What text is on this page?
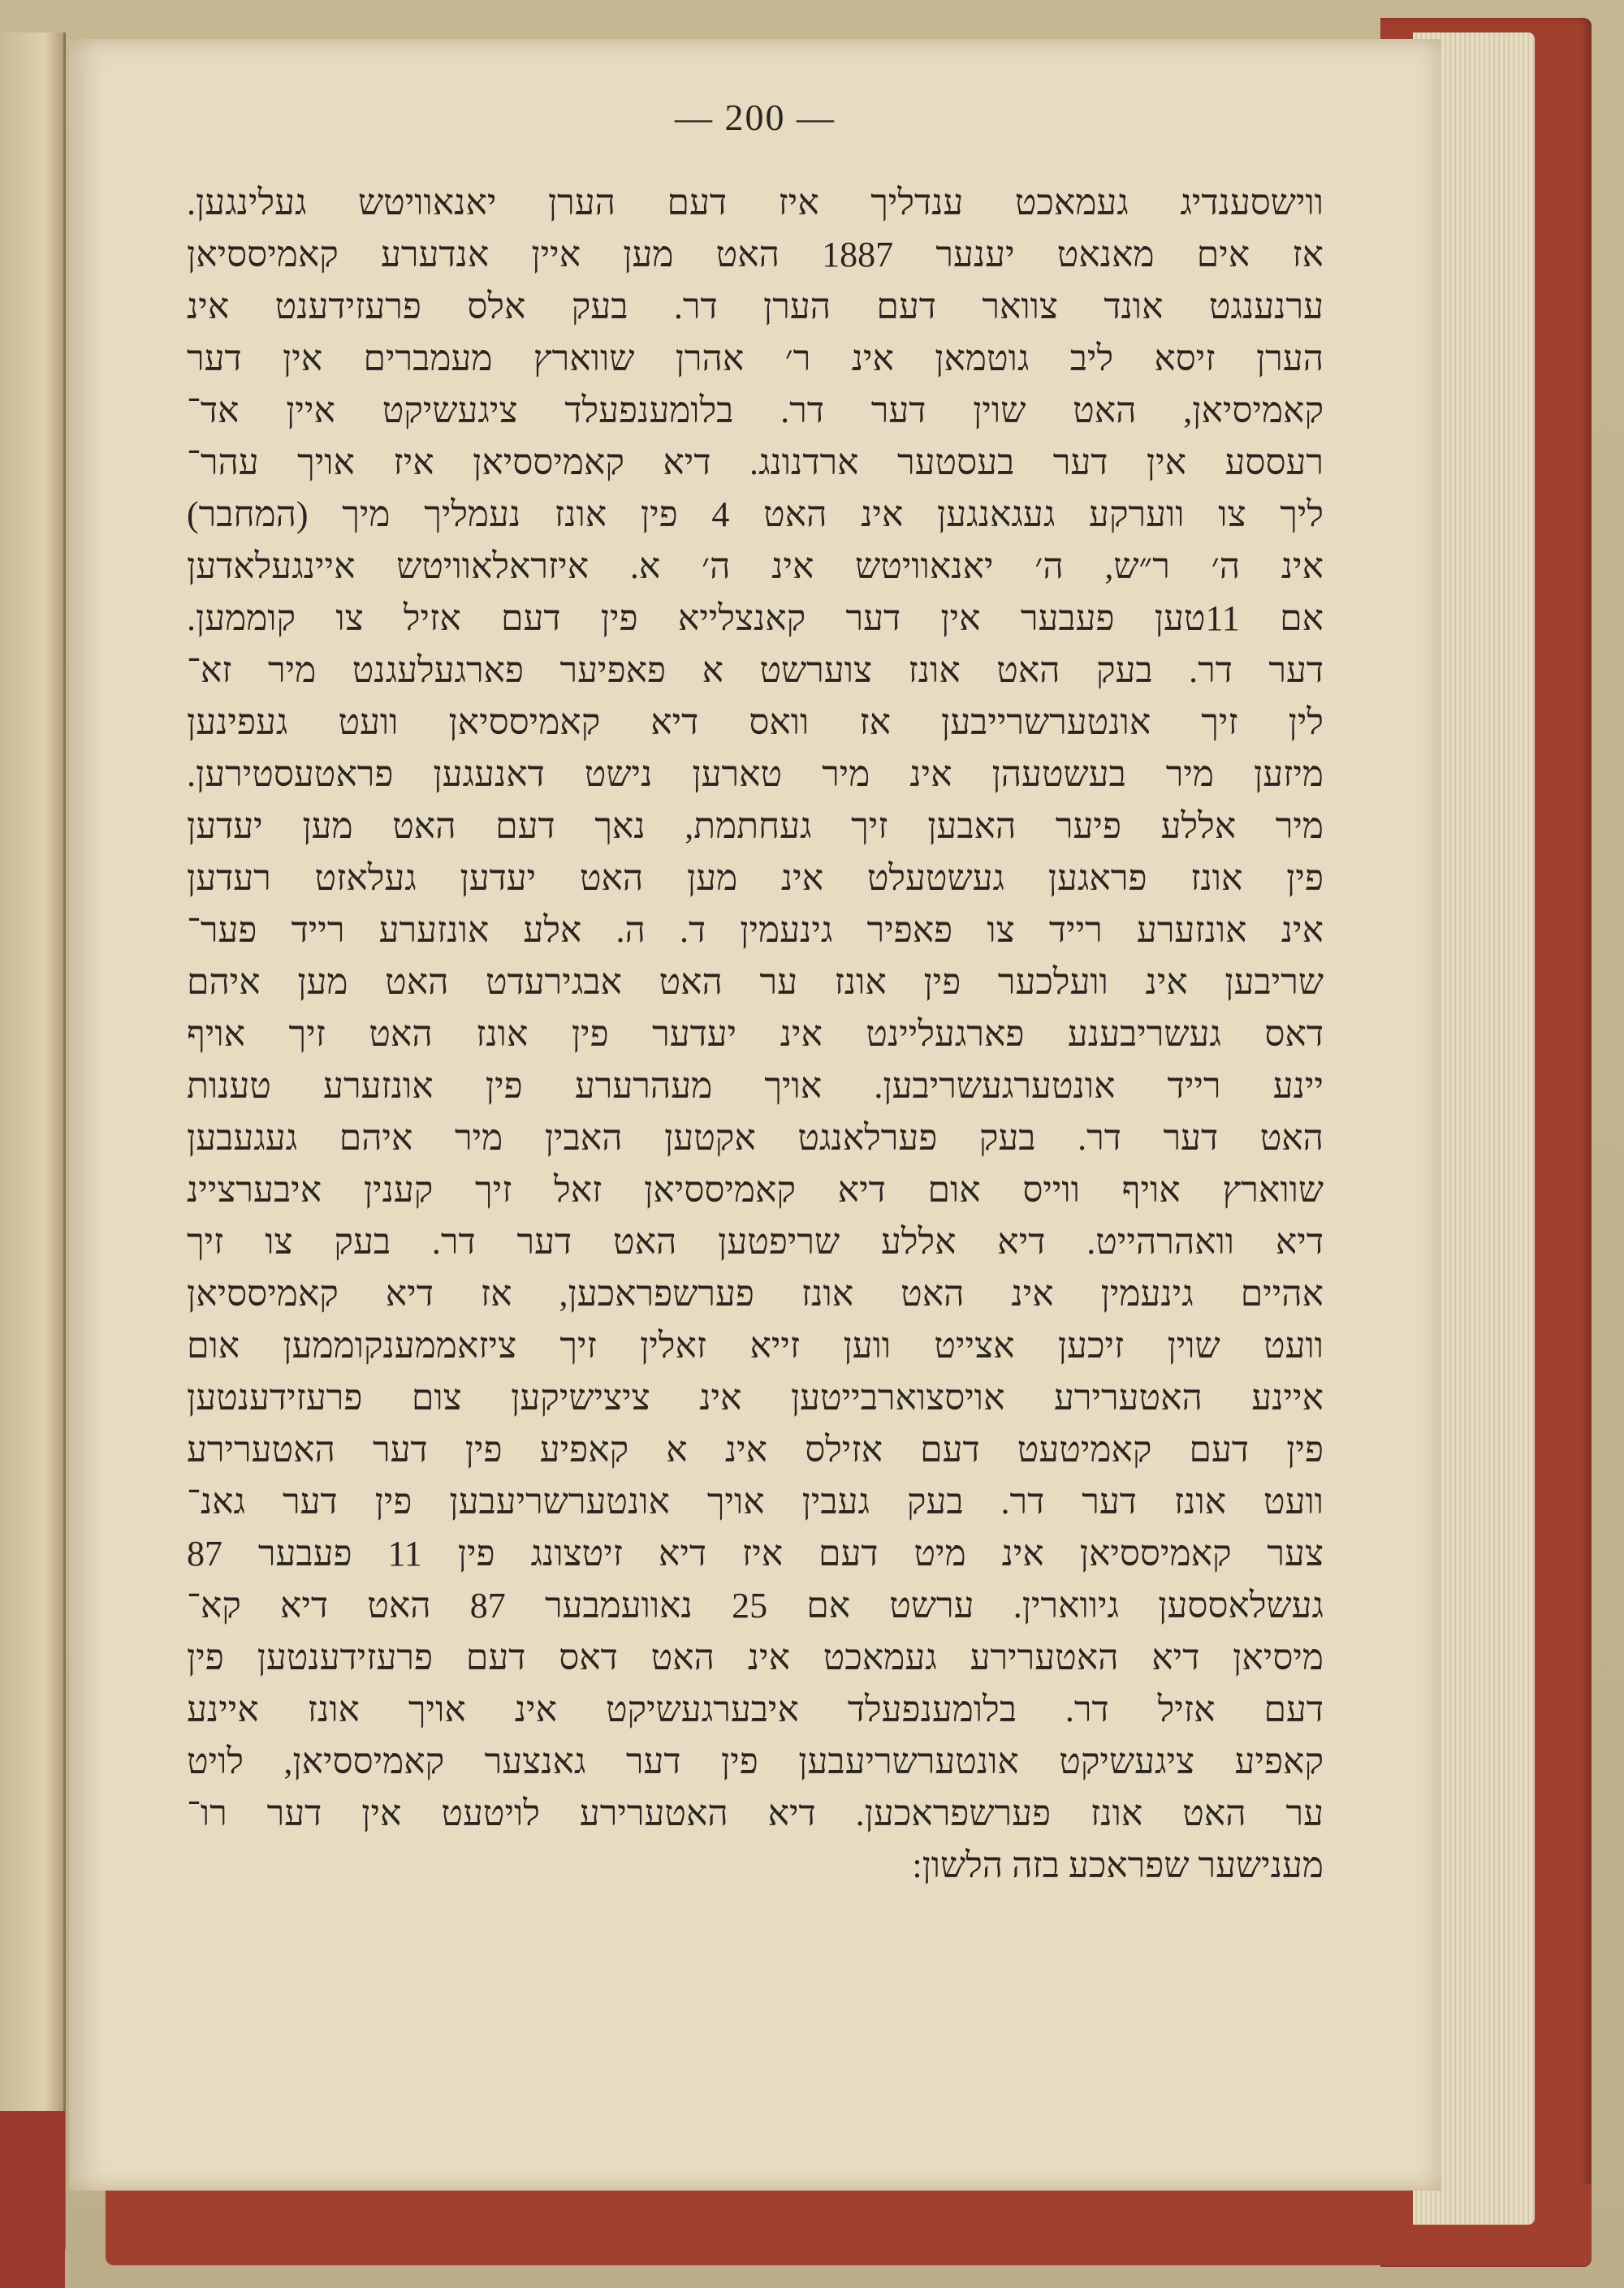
— 200 —
ווישסענדיג געמאכט ענדליך איז דעם הערן יאנאוויטש געלינגען.
אז אים מאנאט יענער 1887 האט מען איין אנדערע קאמיססיאן
ערנענגט אונד צוואר דעם הערן דר. בעק אלס פרעזידענט אינ
הערן זיסא ליב גוטמאן אינ ר׳ אהרן שווארץ מעמברים אין דער
קאמיסיאן, האט שוין דער דר. בלומענפעלד ציגעשיקט איין אד־
רעססע אין דער בעסטער ארדנונג. דיא קאמיססיאן איז אויך עהר־
ליך צו ווערקע געגאנגען אינ האט 4 פין אונז נעמליך מיך (המחבר)
אינ ה׳ ר״ש, ה׳ יאנאוויטש אינ ה׳ א. איזראלאוויטש איינגעלאדען
אם 11טען פעבער אין דער קאנצלייא פין דעם אזיל צו קוממען.
דער דר. בעק האט אונז צוערשט א פאפיער פארגעלעגנט מיר זא־
לין זיך אונטערשרייבען אז וואס דיא קאמיססיאן וועט געפינען
מיזען מיר בעשטעהן אינ מיר טארען נישט דאנעגען פראטעסטירען.
מיר אללע פיער האבען זיך געחתמת, נאך דעם האט מען יעדען
פין אונז פראגען געשטעלט אינ מען האט יעדען געלאזט רעדען
אינ אונזערע רייד צו פאפיר גינעמין ד. ה. אלע אונזערע רייד פער־
שריבען אינ וועלכער פין אונז ער האט אבגירעדט האט מען איהם
דאס געשריבענע פארגעליינט אינ יעדער פין אונז האט זיך אויף
יינע רייד אונטערגעשריבען. אויך מעהרערע פין אונזערע טענות
האט דער דר. בעק פערלאנגט אקטען האבין מיר איהם געגעבען
שווארץ אויף ווייס אום דיא קאמיססיאן זאל זיך קענין איבערציינ
דיא וואהרהייט. דיא אללע שריפטען האט דער דר. בעק צו זיך
אהיים גינעמין אינ האט אונז פערשפראכען, אז דיא קאמיססיאן
וועט שוין זיכען אצייט ווען זייא זאלין זיך ציזאממענקוממען אום
איינע האטערירע אויסצוארבייטען אינ ציצישיקען צום פרעזידענטען
פין דעם קאמיטעט דעם אזילס אינ א קאפיע פין דער האטערירע
וועט אונז דער דר. בעק געבין אויך אונטערשריעבען פין דער גאנ־
צער קאמיססיאן אינ מיט דעם איז דיא זיטצונג פין 11 פעבער 87
געשלאססען גיווארין. ערשט אם 25 נאוועמבער 87 האט דיא קא־
מיסיאן דיא האטערירע געמאכט אינ האט דאס דעם פרעזידענטען פין
דעם אזיל דר. בלומענפעלד איבערגעשיקט אינ אויך אונז איינע
קאפיע ציגעשיקט אונטערשריעבען פין דער גאנצער קאמיססיאן, לויט
ער האט אונז פערשפראכען. דיא האטערירע לויטעט אין דער רו־
מענישער שפראכע בזה הלשון:
